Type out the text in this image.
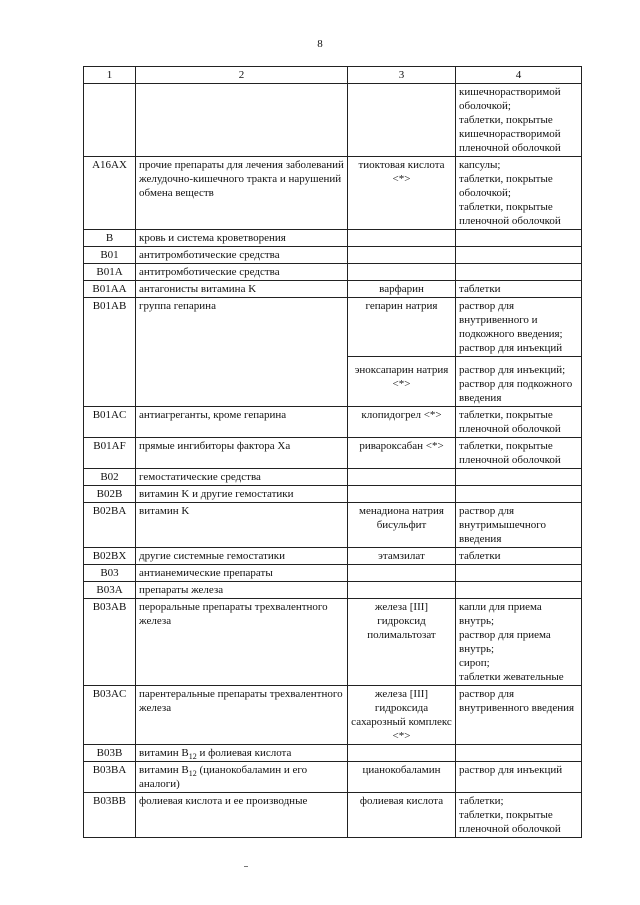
8
1	2	3	4

			кишечнорастворимой оболочкой;
таблетки, покрытые кишечнорастворимой пленочной оболочкой

A16AX	прочие препараты для лечения заболеваний желудочно-кишечного тракта и нарушений обмена веществ	тиоктовая кислота <*>	капсулы;
таблетки, покрытые оболочкой;
таблетки, покрытые пленочной оболочкой

B	кровь и система кроветворения		
B01	антитромботические средства		
B01A	антитромботические средства		
B01AA	антагонисты витамина K	варфарин	таблетки

B01AB	группа гепарина	гепарин натрия	раствор для внутривенного и подкожного введения;
раствор для инъекций

		эноксапарин натрия <*>	раствор для инъекций;
раствор для подкожного введения

B01AC	антиагреганты, кроме гепарина	клопидогрел <*>	таблетки, покрытые пленочной оболочкой

B01AF	прямые ингибиторы фактора Xa	ривароксабан <*>	таблетки, покрытые пленочной оболочкой

B02	гемостатические средства		
B02B	витамин K и другие гемостатики		
B02BA	витамин K	менадиона натрия бисульфит	раствор для внутримышечного введения

B02BX	другие системные гемостатики	этамзилат	таблетки

B03	антианемические препараты		
B03A	препараты железа		
B03AB	пероральные препараты трехвалентного железа	железа [III] гидроксид полимальтозат	капли для приема внутрь;
раствор для приема внутрь;
сироп;
таблетки жевательные

B03AC	парентеральные препараты трехвалентного железа	железа [III] гидроксида сахарозный комплекс <*>	раствор для внутривенного введения

B03B	витамин $B_{12}$ и фолиевая кислота		
B03BA	витамин $B_{12}$ (цианокобаламин и его аналоги)	цианокобаламин	раствор для инъекций

B03BB	фолиевая кислота и ее производные	фолиевая кислота	таблетки;
таблетки, покрытые пленочной оболочкой
